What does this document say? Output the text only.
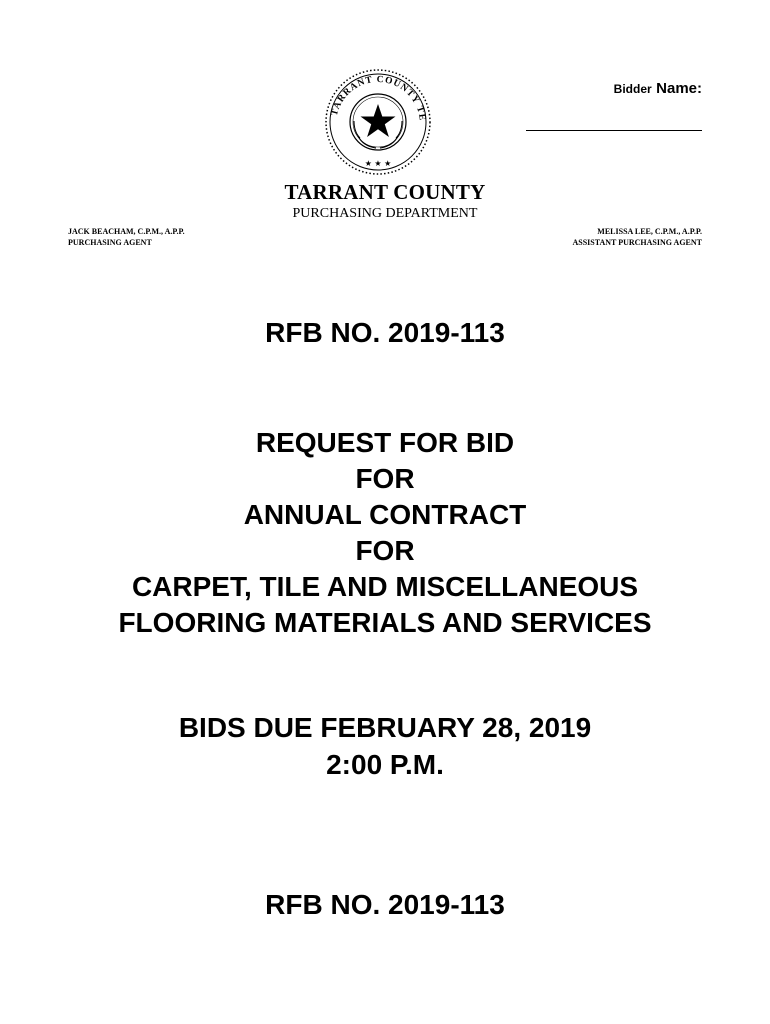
TARRANT COUNTY TE
★ ★ ★
Bidder Name:
TARRANT COUNTY
PURCHASING DEPARTMENT
JACK BEACHAM, C.P.M., A.P.P.
PURCHASING AGENT
MELISSA LEE, C.P.M., A.P.P.
ASSISTANT PURCHASING AGENT
RFB NO. 2019-113
REQUEST FOR BID
FOR
ANNUAL CONTRACT
FOR
CARPET, TILE AND MISCELLANEOUS
FLOORING MATERIALS AND SERVICES
BIDS DUE FEBRUARY 28, 2019
2:00 P.M.
RFB NO. 2019-113
